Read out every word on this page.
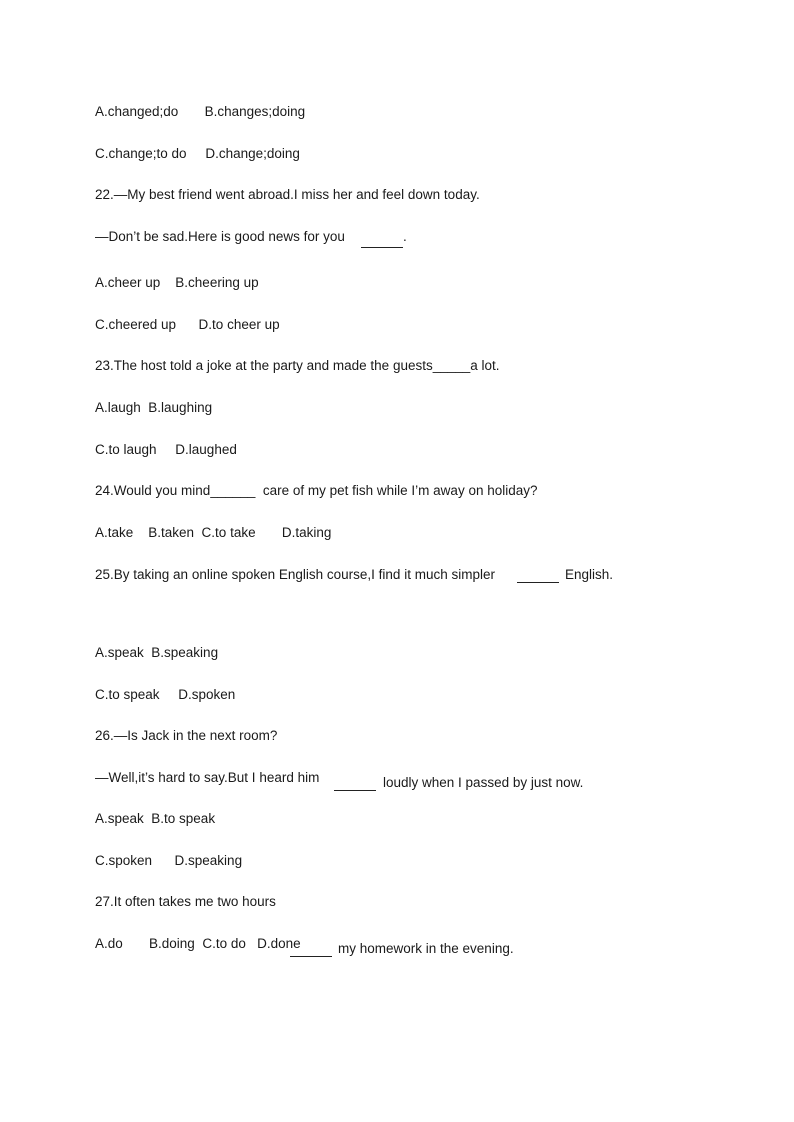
A.changed;do       B.changes;doing
C.change;to do     D.change;doing
22.—My best friend went abroad.I miss her and feel down today.
—Don’t be sad.Here is good news for you	.
A.cheer up    B.cheering up
C.cheered up      D.to cheer up
23.The host told a joke at the party and made the guests_____a lot.
A.laugh  B.laughing
C.to laugh     D.laughed
24.Would you mind______  care of my pet fish while I’m away on holiday?
A.take    B.taken  C.to take       D.taking
25.By taking an online spoken English course,I find it much simpler	English.
A.speak  B.speaking
C.to speak     D.spoken
26.—Is Jack in the next room?
—Well,it’s hard to say.But I heard him	loudly when I passed by just now.
A.speak  B.to speak
C.spoken      D.speaking
27.It often takes me two hours
A.do       B.doing  C.to do   D.done	my homework in the evening.
